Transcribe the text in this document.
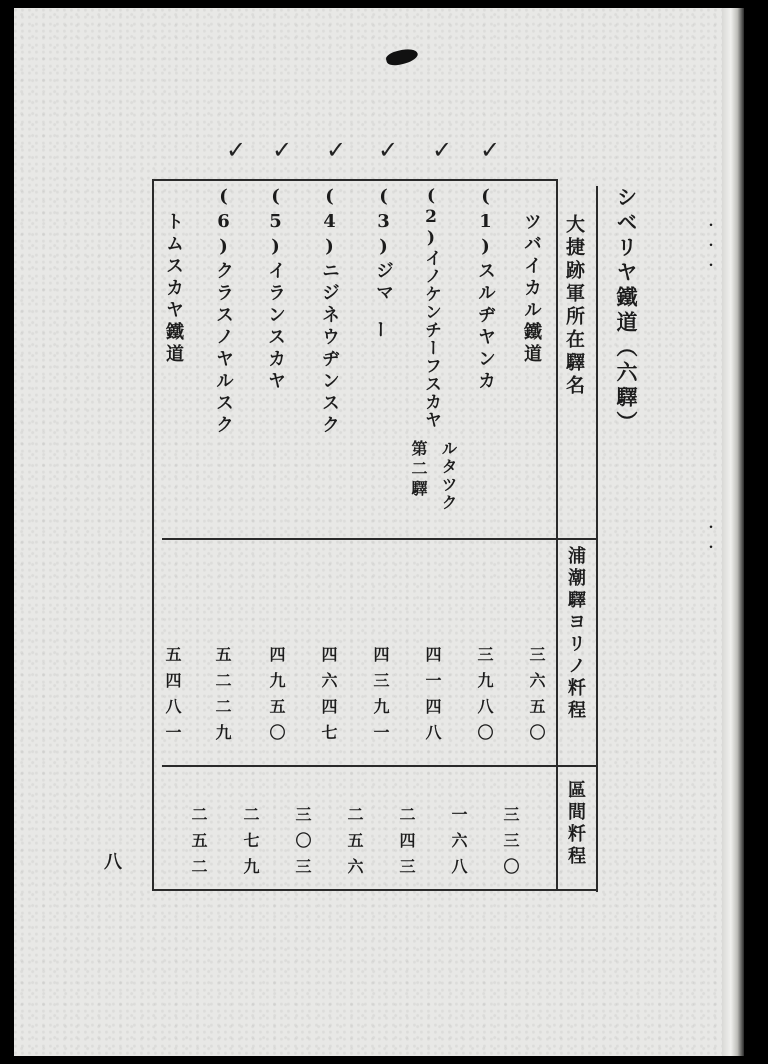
✓ ✓ ✓ ✓ ✓ ✓
シベリヤ鐵道（六驛）
大捷跡軍所在驛名
浦潮驛ヨリノ粁程
區間粁程
ツバイカル鐵道
(1)スルヂヤンカ
(2)イノケンチーフスカヤ
第二驛 ルタツク
(3)ジマ
ー
(4)ニジネウヂンスク
(5)イランスカヤ
(6)クラスノヤルスク
トムスカヤ鐵道
三六五〇
三九八〇
四一四八
四三九一
四六四七
四九五〇
五二二九
五四八一
三三〇
一六八
二四三
二五六
三〇三
二七九
二五二
八
・・・
・・
